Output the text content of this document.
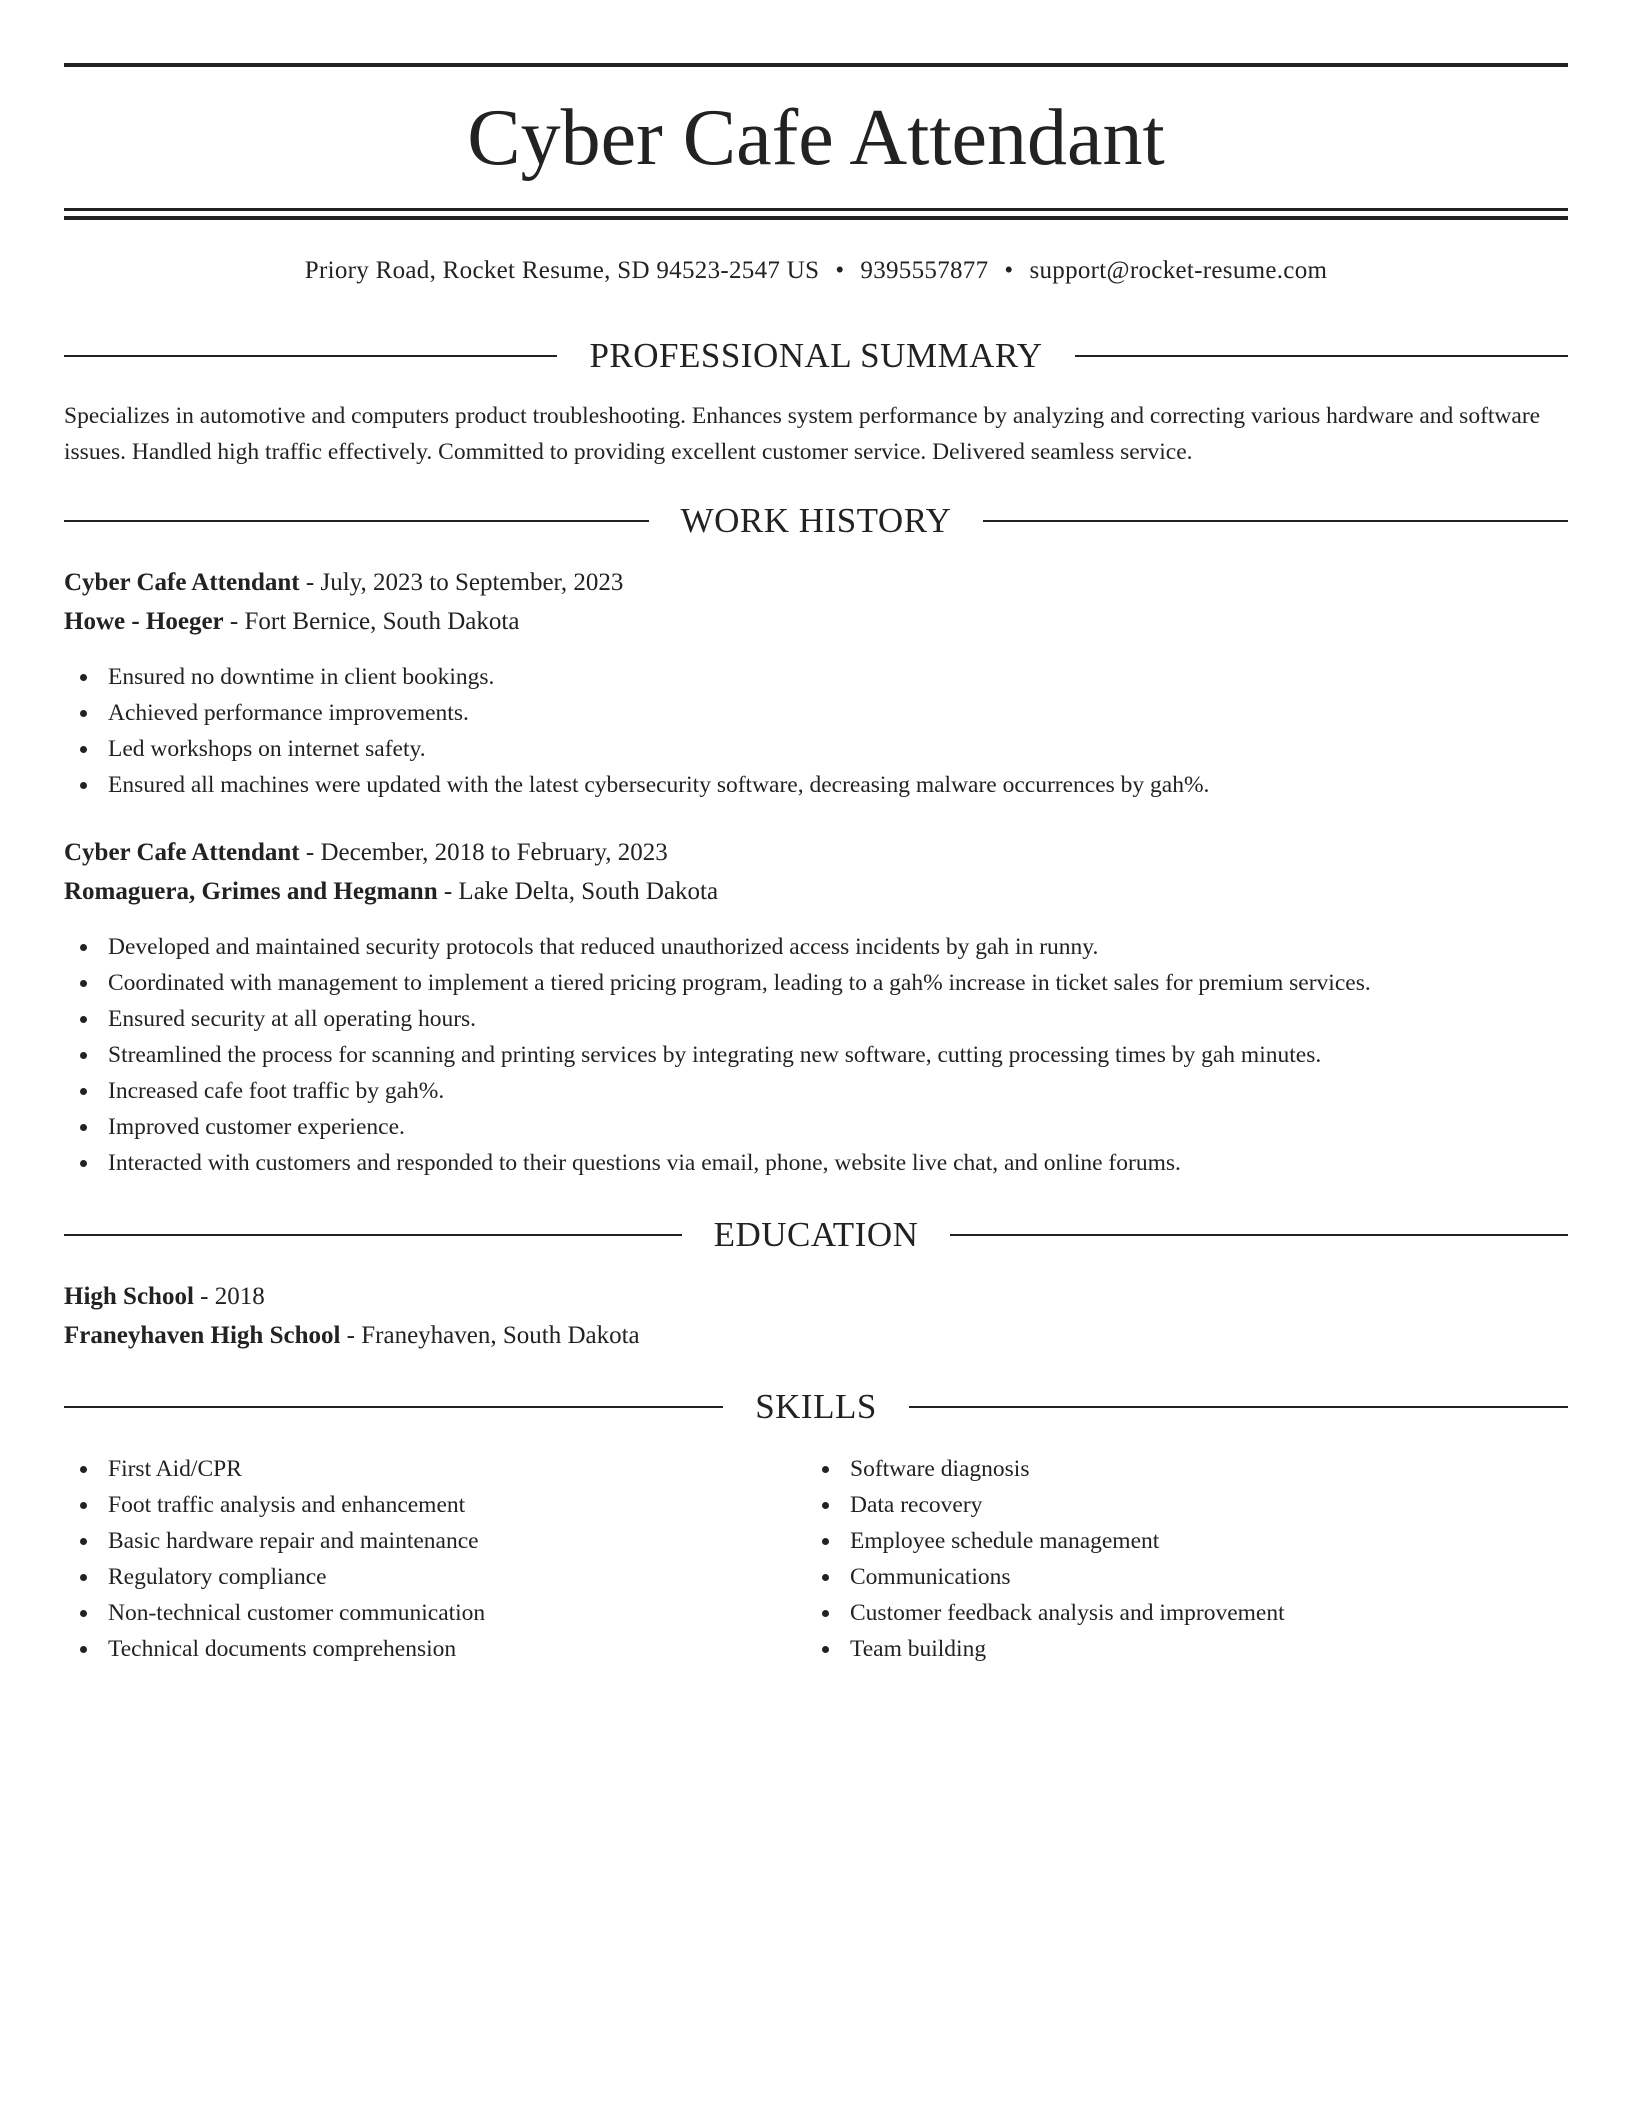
Cyber Cafe Attendant
Priory Road, Rocket Resume, SD 94523-2547 US • 9395557877 • support@rocket-resume.com
PROFESSIONAL SUMMARY

Specializes in automotive and computers product troubleshooting. Enhances system performance by analyzing and correcting various hardware and software issues. Handled high traffic effectively. Committed to providing excellent customer service. Delivered seamless service.

WORK HISTORY

Cyber Cafe Attendant - July, 2023 to September, 2023

Howe - Hoeger - Fort Bernice, South Dakota

Ensured no downtime in client bookings.
Achieved performance improvements.
Led workshops on internet safety.
Ensured all machines were updated with the latest cybersecurity software, decreasing malware occurrences by gah%.

Cyber Cafe Attendant - December, 2018 to February, 2023

Romaguera, Grimes and Hegmann - Lake Delta, South Dakota

Developed and maintained security protocols that reduced unauthorized access incidents by gah in runny.
Coordinated with management to implement a tiered pricing program, leading to a gah% increase in ticket sales for premium services.
Ensured security at all operating hours.
Streamlined the process for scanning and printing services by integrating new software, cutting processing times by gah minutes.
Increased cafe foot traffic by gah%.
Improved customer experience.
Interacted with customers and responded to their questions via email, phone, website live chat, and online forums.
EDUCATION

High School - 2018

Franeyhaven High School - Franeyhaven, South Dakota

SKILLS
First Aid/CPR
Foot traffic analysis and enhancement
Basic hardware repair and maintenance
Regulatory compliance
Non-technical customer communication
Technical documents comprehension
Software diagnosis
Data recovery
Employee schedule management
Communications
Customer feedback analysis and improvement
Team building
